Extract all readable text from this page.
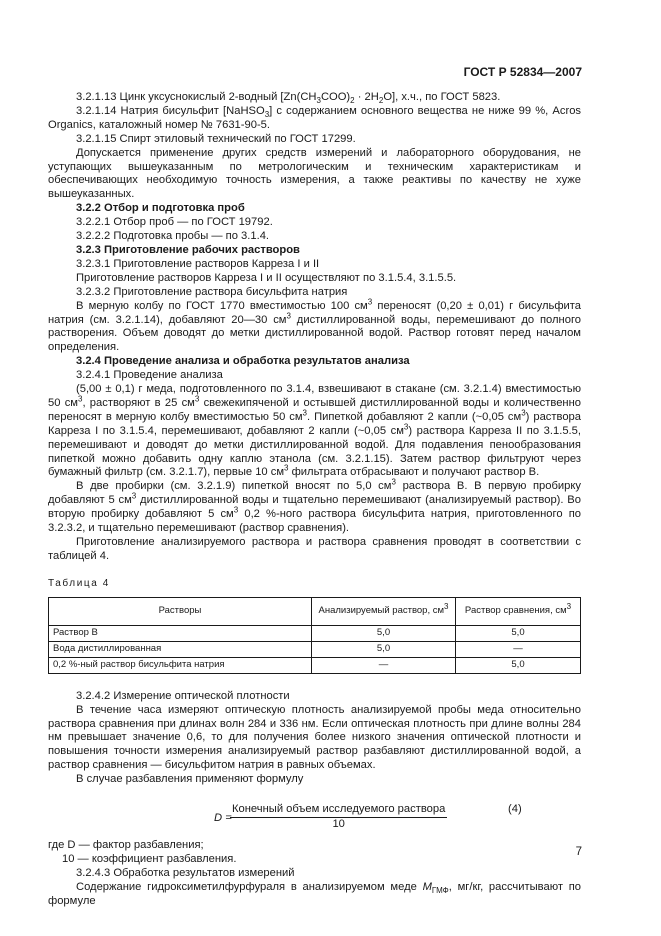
ГОСТ Р 52834—2007

3.2.1.13 Цинк уксуснокислый 2-водный $[Zn(CH_3COO)_2 \cdot 2H_2O]$, х.ч., по ГОСТ 5823.

3.2.1.14 Натрия бисульфит [NaHSO$_3$] с содержанием основного вещества не ниже 99 %, Acros Organics, каталожный номер № 7631-90-5.

3.2.1.15 Спирт этиловый технический по ГОСТ 17299.

Допускается применение других средств измерений и лабораторного оборудования, не уступающих вышеуказанным по метрологическим и техническим характеристикам и обеспечивающих необходимую точность измерения, а также реактивы по качеству не хуже вышеуказанных.

3.2.2 Отбор и подготовка проб

3.2.2.1 Отбор проб — по ГОСТ 19792.

3.2.2.2 Подготовка пробы — по 3.1.4.

3.2.3 Приготовление рабочих растворов

3.2.3.1 Приготовление растворов Карреза I и II

Приготовление растворов Карреза I и II осуществляют по 3.1.5.4, 3.1.5.5.

3.2.3.2 Приготовление раствора бисульфита натрия

В мерную колбу по ГОСТ 1770 вместимостью 100 $см^3$ переносят (0,20 ± 0,01) г бисульфита натрия (см. 3.2.1.14), добавляют 20—30 $см^3$ дистиллированной воды, перемешивают до полного растворения. Объем доводят до метки дистиллированной водой. Раствор готовят перед началом определения.

3.2.4 Проведение анализа и обработка результатов анализа

3.2.4.1 Проведение анализа

(5,00 ± 0,1) г меда, подготовленного по 3.1.4, взвешивают в стакане (см. 3.2.1.4) вместимостью 50 $см^3$, растворяют в 25 $см^3$ свежекипяченой и остывшей дистиллированной воды и количественно переносят в мерную колбу вместимостью 50 $см^3$. Пипеткой добавляют 2 капли (~0,05 $см^3$) раствора Карреза I по 3.1.5.4, перемешивают, добавляют 2 капли (~0,05 $см^3$) раствора Карреза II по 3.1.5.5, перемешивают и доводят до метки дистиллированной водой. Для подавления пенообразования пипеткой можно добавить одну каплю этанола (см. 3.2.1.15). Затем раствор фильтруют через бумажный фильтр (см. 3.2.1.7), первые 10 $см^3$ фильтрата отбрасывают и получают раствор В.

В две пробирки (см. 3.2.1.9) пипеткой вносят по 5,0 $см^3$ раствора В. В первую пробирку добавляют 5 $см^3$ дистиллированной воды и тщательно перемешивают (анализируемый раствор). Во вторую пробирку добавляют 5 $см^3$ 0,2 %-ного раствора бисульфита натрия, приготовленного по 3.2.3.2, и тщательно перемешивают (раствор сравнения).

Приготовление анализируемого раствора и раствора сравнения проводят в соответствии с таблицей 4.

Таблица 4
Растворы	Анализируемый раствор, $см^3$	Раствор сравнения, $см^3$
Раствор В	5,0	5,0
Вода дистиллированная	5,0	—
0,2 %-ный раствор бисульфита натрия	—	5,0

3.2.4.2 Измерение оптической плотности

В течение часа измеряют оптическую плотность анализируемой пробы меда относительно раствора сравнения при длинах волн 284 и 336 нм. Если оптическая плотность при длине волны 284 нм превышает значение 0,6, то для получения более низкого значения оптической плотности и повышения точности измерения анализируемый раствор разбавляют дистиллированной водой, а раствор сравнения — бисульфитом натрия в равных объемах.

В случае разбавления применяют формулу

D =
Конечный объем исследуемого раствора
10
(4)

где D — фактор разбавления;

10 — коэффициент разбавления.

3.2.4.3 Обработка результатов измерений

Содержание гидроксиметилфурфураля в анализируемом меде $M_{ГМФ}$, мг/кг, рассчитывают по формуле

7
